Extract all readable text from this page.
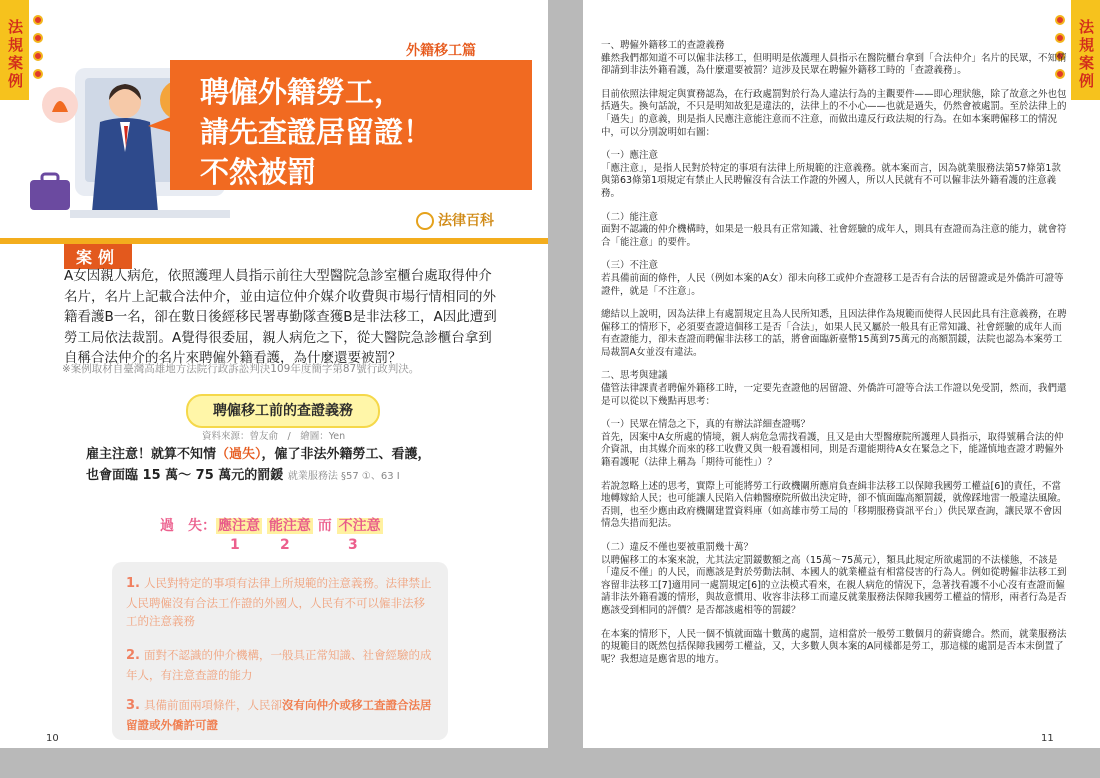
法規案例	外籍移工篇
聘僱外籍勞工，
請先查證居留證！
不然被罰
法律百科
案例
A女因親人病危，依照護理人員指示前往大型醫院急診室櫃台處取得仲介名片，名片上記載合法仲介，並由這位仲介媒介收費與市場行情相同的外籍看護B一名，卻在數日後經移民署專勤隊查獲B是非法移工，A因此遭到勞工局依法裁罰。A覺得很委屈，親人病危之下，從大醫院急診櫃台拿到自稱合法仲介的名片來聘僱外籍看護，為什麼還要被罰？
※案例取材自臺灣高雄地方法院行政訴訟判決109年度簡字第87號行政判決。
聘僱移工前的查證義務
資料來源：曾友俞　/　繪圖：Yen
雇主注意！就算不知情（過失），僱了非法外籍勞工、看護，
也會面臨 15 萬～ 75 萬元的罰鍰 就業服務法 §57 ①、63 Ⅰ
過　失： 應注意 能注意 而 不注意
1	2	3
1. 人民對特定的事項有法律上所規範的注意義務。法律禁止人民聘僱沒有合法工作證的外國人，人民有不可以僱非法移工的注意義務
2. 面對不認識的仲介機構，一般具正常知識、社會經驗的成年人，有注意查證的能力
3. 具備前面兩項條件，人民卻沒有向仲介或移工查證合法居留證或外僑許可證
10
法規案例

一、聘僱外籍移工的查證義務
雖然我們都知道不可以僱非法移工，但明明是依護理人員指示在醫院櫃台拿到「合法仲介」名片的民眾，不知情卻請到非法外籍看護，為什麼還要被罰？這涉及民眾在聘僱外籍移工時的「查證義務」。

目前依照法律規定與實務認為，在行政處罰對於行為人違法行為的主觀要件——即心理狀態，除了故意之外也包括過失。換句話說，不只是明知故犯是違法的，法律上的不小心——也就是過失，仍然會被處罰。至於法律上的「過失」的意義，則是指人民應注意能注意而不注意，而做出違反行政法規的行為。在如本案聘僱移工的情況中，可以分別說明如右圖：

（一）應注意
「應注意」，是指人民對於特定的事項有法律上所規範的注意義務。就本案而言，因為就業服務法第57條第1款與第63條第1項規定有禁止人民聘僱沒有合法工作證的外國人，所以人民就有不可以僱非法外籍看護的注意義務。

（二）能注意
面對不認識的仲介機構時，如果是一般具有正常知識、社會經驗的成年人，則具有查證而為注意的能力，就會符合「能注意」的要件。

（三）不注意
若具備前面的條件，人民（例如本案的A女）卻未向移工或仲介查證移工是否有合法的居留證或是外僑許可證等證件，就是「不注意」。

總結以上說明，因為法律上有處罰規定且為人民所知悉，且因法律作為規範而使得人民因此具有注意義務，在聘僱移工的情形下，必須要查證這個移工是否「合法」，如果人民又屬於一般具有正常知識、社會經驗的成年人而有查證能力，卻未查證而聘僱非法移工的話，將會面臨新臺幣15萬到75萬元的高額罰鍰，法院也認為本案勞工局裁罰A女並沒有違法。

二、思考與建議
儘管法律課責者聘僱外籍移工時，一定要先查證他的居留證、外僑許可證等合法工作證以免受罰，然而，我們還是可以從以下幾點再思考：

（一）民眾在情急之下，真的有辦法詳細查證嗎？
首先，因案中A女所處的情境，親人病危急需找看護，且又是由大型醫療院所護理人員指示，取得號稱合法的仲介資訊，由其媒介而來的移工收費又與一般看護相同，則是否還能期待A女在緊急之下，能謹慎地查證才聘僱外籍看護呢（法律上稱為「期待可能性」）？

若說忽略上述的思考，實際上可能將勞工行政機關所應肩負查緝非法移工以保障我國勞工權益[6]的責任，不當地轉嫁給人民；也可能讓人民陷入信賴醫療院所做出決定時，卻不慎面臨高額罰鍰，就像踩地雷一般違法風險。否則，也至少應由政府機關建置資料庫（如高雄市勞工局的「移期服務資訊平台」）供民眾查詢，讓民眾不會因情急失措而犯法。

（二）違反不僅也要被重罰幾十萬？
以聘僱移工的本案來說，尤其法定罰鍰數額之高（15萬～75萬元），類具此規定所欲處罰的不法樣態，不該是「違反不僅」的人民，而應該是對於勞動法制、本國人的就業權益有相當侵害的行為人。例如從聘僱非法移工到容留非法移工[7]適用同一處罰規定[6]的立法模式看來，在親人病危的情況下，急著找看護不小心沒有查證而僱請非法外籍看護的情形，與故意慣用、收容非法移工而違反就業服務法保障我國勞工權益的情形，兩者行為是否應該受到相同的評價？是否都該處相等的罰鍰？

在本案的情形下，人民一個不慎就面臨十數萬的處罰，這相當於一般勞工數個月的薪資總合。然而，就業服務法的規範目的既然包括保障我國勞工權益，又，大多數人與本案的A同樣都是勞工，那這樣的處罰是否本末倒置了呢？我想這是應省思的地方。

11
